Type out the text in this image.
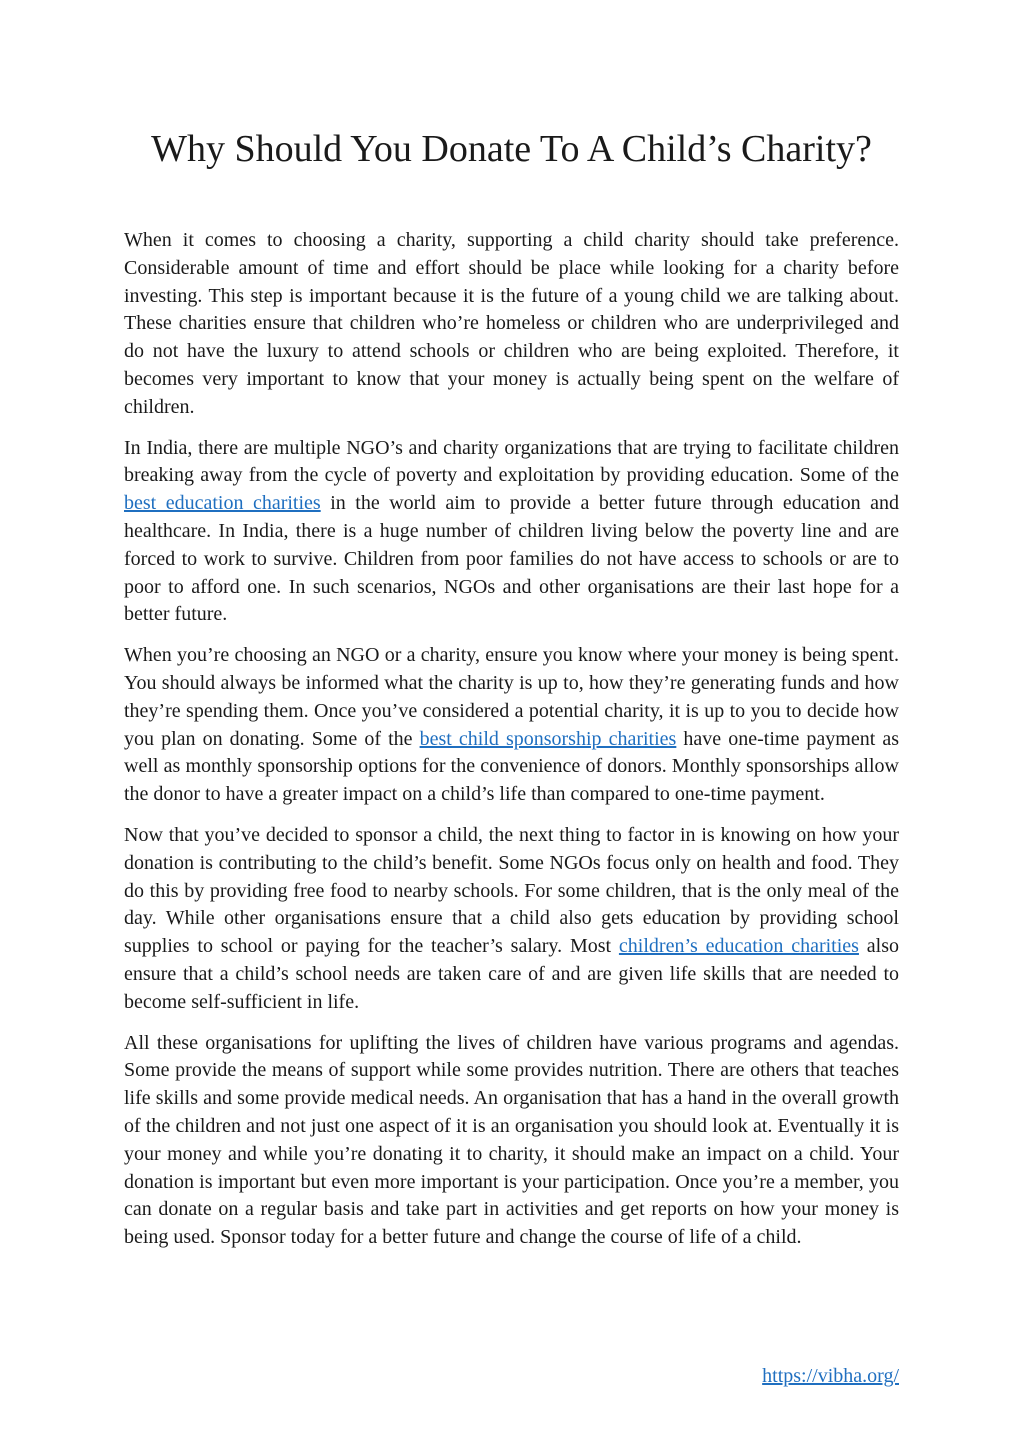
Why Should You Donate To A Child’s Charity?

When it comes to choosing a charity, supporting a child charity should take preference. Considerable amount of time and effort should be place while looking for a charity before investing. This step is important because it is the future of a young child we are talking about. These charities ensure that children who’re homeless or children who are underprivileged and do not have the luxury to attend schools or children who are being exploited. Therefore, it becomes very important to know that your money is actually being spent on the welfare of children.

In India, there are multiple NGO’s and charity organizations that are trying to facilitate children breaking away from the cycle of poverty and exploitation by providing education. Some of the best education charities in the world aim to provide a better future through education and healthcare. In India, there is a huge number of children living below the poverty line and are forced to work to survive. Children from poor families do not have access to schools or are to poor to afford one. In such scenarios, NGOs and other organisations are their last hope for a better future.

When you’re choosing an NGO or a charity, ensure you know where your money is being spent. You should always be informed what the charity is up to, how they’re generating funds and how they’re spending them. Once you’ve considered a potential charity, it is up to you to decide how you plan on donating. Some of the best child sponsorship charities have one-time payment as well as monthly sponsorship options for the convenience of donors. Monthly sponsorships allow the donor to have a greater impact on a child’s life than compared to one-time payment.

Now that you’ve decided to sponsor a child, the next thing to factor in is knowing on how your donation is contributing to the child’s benefit. Some NGOs focus only on health and food. They do this by providing free food to nearby schools. For some children, that is the only meal of the day. While other organisations ensure that a child also gets education by providing school supplies to school or paying for the teacher’s salary. Most children’s education charities also ensure that a child’s school needs are taken care of and are given life skills that are needed to become self-sufficient in life.

All these organisations for uplifting the lives of children have various programs and agendas. Some provide the means of support while some provides nutrition. There are others that teaches life skills and some provide medical needs. An organisation that has a hand in the overall growth of the children and not just one aspect of it is an organisation you should look at. Eventually it is your money and while you’re donating it to charity, it should make an impact on a child. Your donation is important but even more important is your participation. Once you’re a member, you can donate on a regular basis and take part in activities and get reports on how your money is being used. Sponsor today for a better future and change the course of life of a child.

https://vibha.org/
